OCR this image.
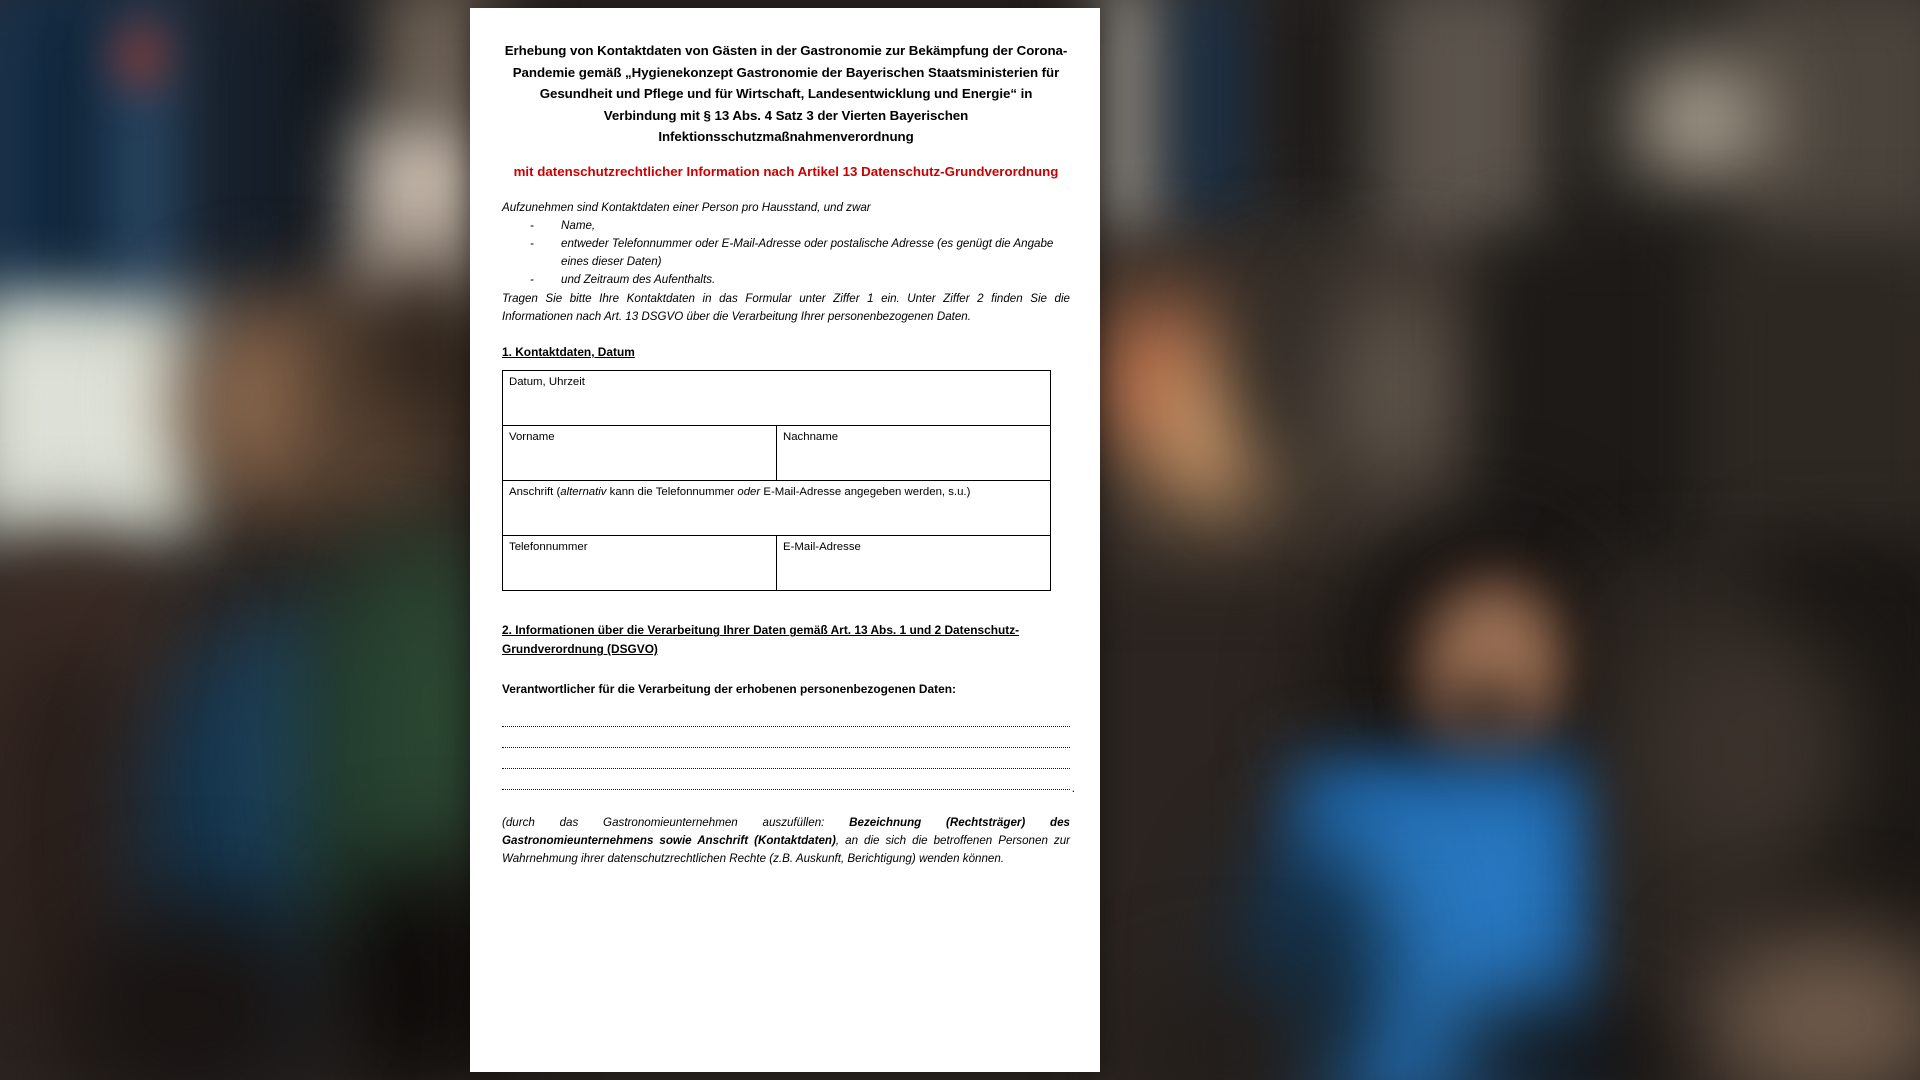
Erhebung von Kontaktdaten von Gästen in der Gastronomie zur Bekämpfung der Corona-Pandemie gemäß „Hygienekonzept Gastronomie der Bayerischen Staatsministerien für Gesundheit und Pflege und für Wirtschaft, Landesentwicklung und Energie“ in Verbindung mit § 13 Abs. 4 Satz 3 der Vierten Bayerischen Infektionsschutzmaßnahmenverordnung
mit datenschutzrechtlicher Information nach Artikel 13 Datenschutz-Grundverordnung
Aufzunehmen sind Kontaktdaten einer Person pro Hausstand, und zwar
- Name,
- entweder Telefonnummer oder E-Mail-Adresse oder postalische Adresse (es genügt die Angabe eines dieser Daten)
- und Zeitraum des Aufenthalts.
Tragen Sie bitte Ihre Kontaktdaten in das Formular unter Ziffer 1 ein. Unter Ziffer 2 finden Sie die Informationen nach Art. 13 DSGVO über die Verarbeitung Ihrer personenbezogenen Daten.
1. Kontaktdaten, Datum
Datum, Uhrzeit	
Vorname	Nachname
Anschrift (alternativ kann die Telefonnummer oder E-Mail-Adresse angegeben werden, s.u.)	
Telefonnummer	E-Mail-Adresse
2. Informationen über die Verarbeitung Ihrer Daten gemäß Art. 13 Abs. 1 und 2 Datenschutz-Grundverordnung (DSGVO)
Verantwortlicher für die Verarbeitung der erhobenen personenbezogenen Daten:
.
(durch das Gastronomieunternehmen auszufüllen: Bezeichnung (Rechtsträger) des Gastronomieunternehmens sowie Anschrift (Kontaktdaten), an die sich die betroffenen Personen zur Wahrnehmung ihrer datenschutzrechtlichen Rechte (z.B. Auskunft, Berichtigung) wenden können.
